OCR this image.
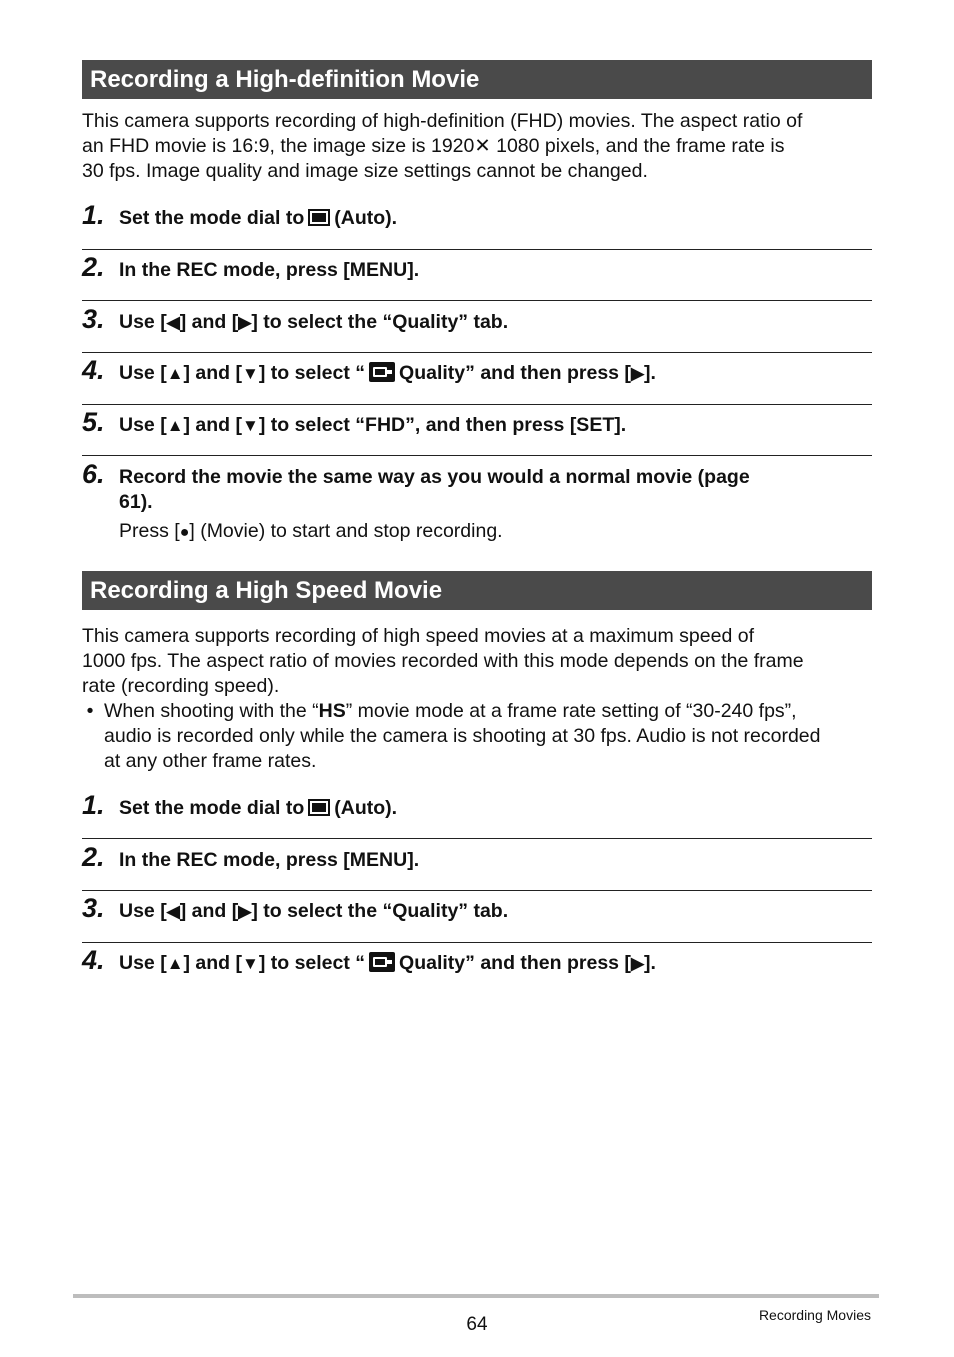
Recording a High-definition Movie

This camera supports recording of high-definition (FHD) movies. The aspect ratio of
an FHD movie is 16:9, the image size is 1920✕ 1080 pixels, and the frame rate is
30 fps. Image quality and image size settings cannot be changed.

1. Set the mode dial to (Auto).
2. In the REC mode, press [MENU].
3. Use [◀] and [▶] to select the “Quality” tab.
4. Use [▲] and [▼] to select “ Quality” and then press [▶].
5. Use [▲] and [▼] to select “FHD”, and then press [SET].
6. Record the movie the same way as you would a normal movie (page
61).
Press [●] (Movie) to start and stop recording.
Recording a High Speed Movie

This camera supports recording of high speed movies at a maximum speed of
1000 fps. The aspect ratio of movies recorded with this mode depends on the frame
rate (recording speed).

• When shooting with the “HS” movie mode at a frame rate setting of “30-240 fps”,
audio is recorded only while the camera is shooting at 30 fps. Audio is not recorded
at any other frame rates.
1. Set the mode dial to (Auto).
2. In the REC mode, press [MENU].
3. Use [◀] and [▶] to select the “Quality” tab.
4. Use [▲] and [▼] to select “ Quality” and then press [▶].
64	Recording Movies
